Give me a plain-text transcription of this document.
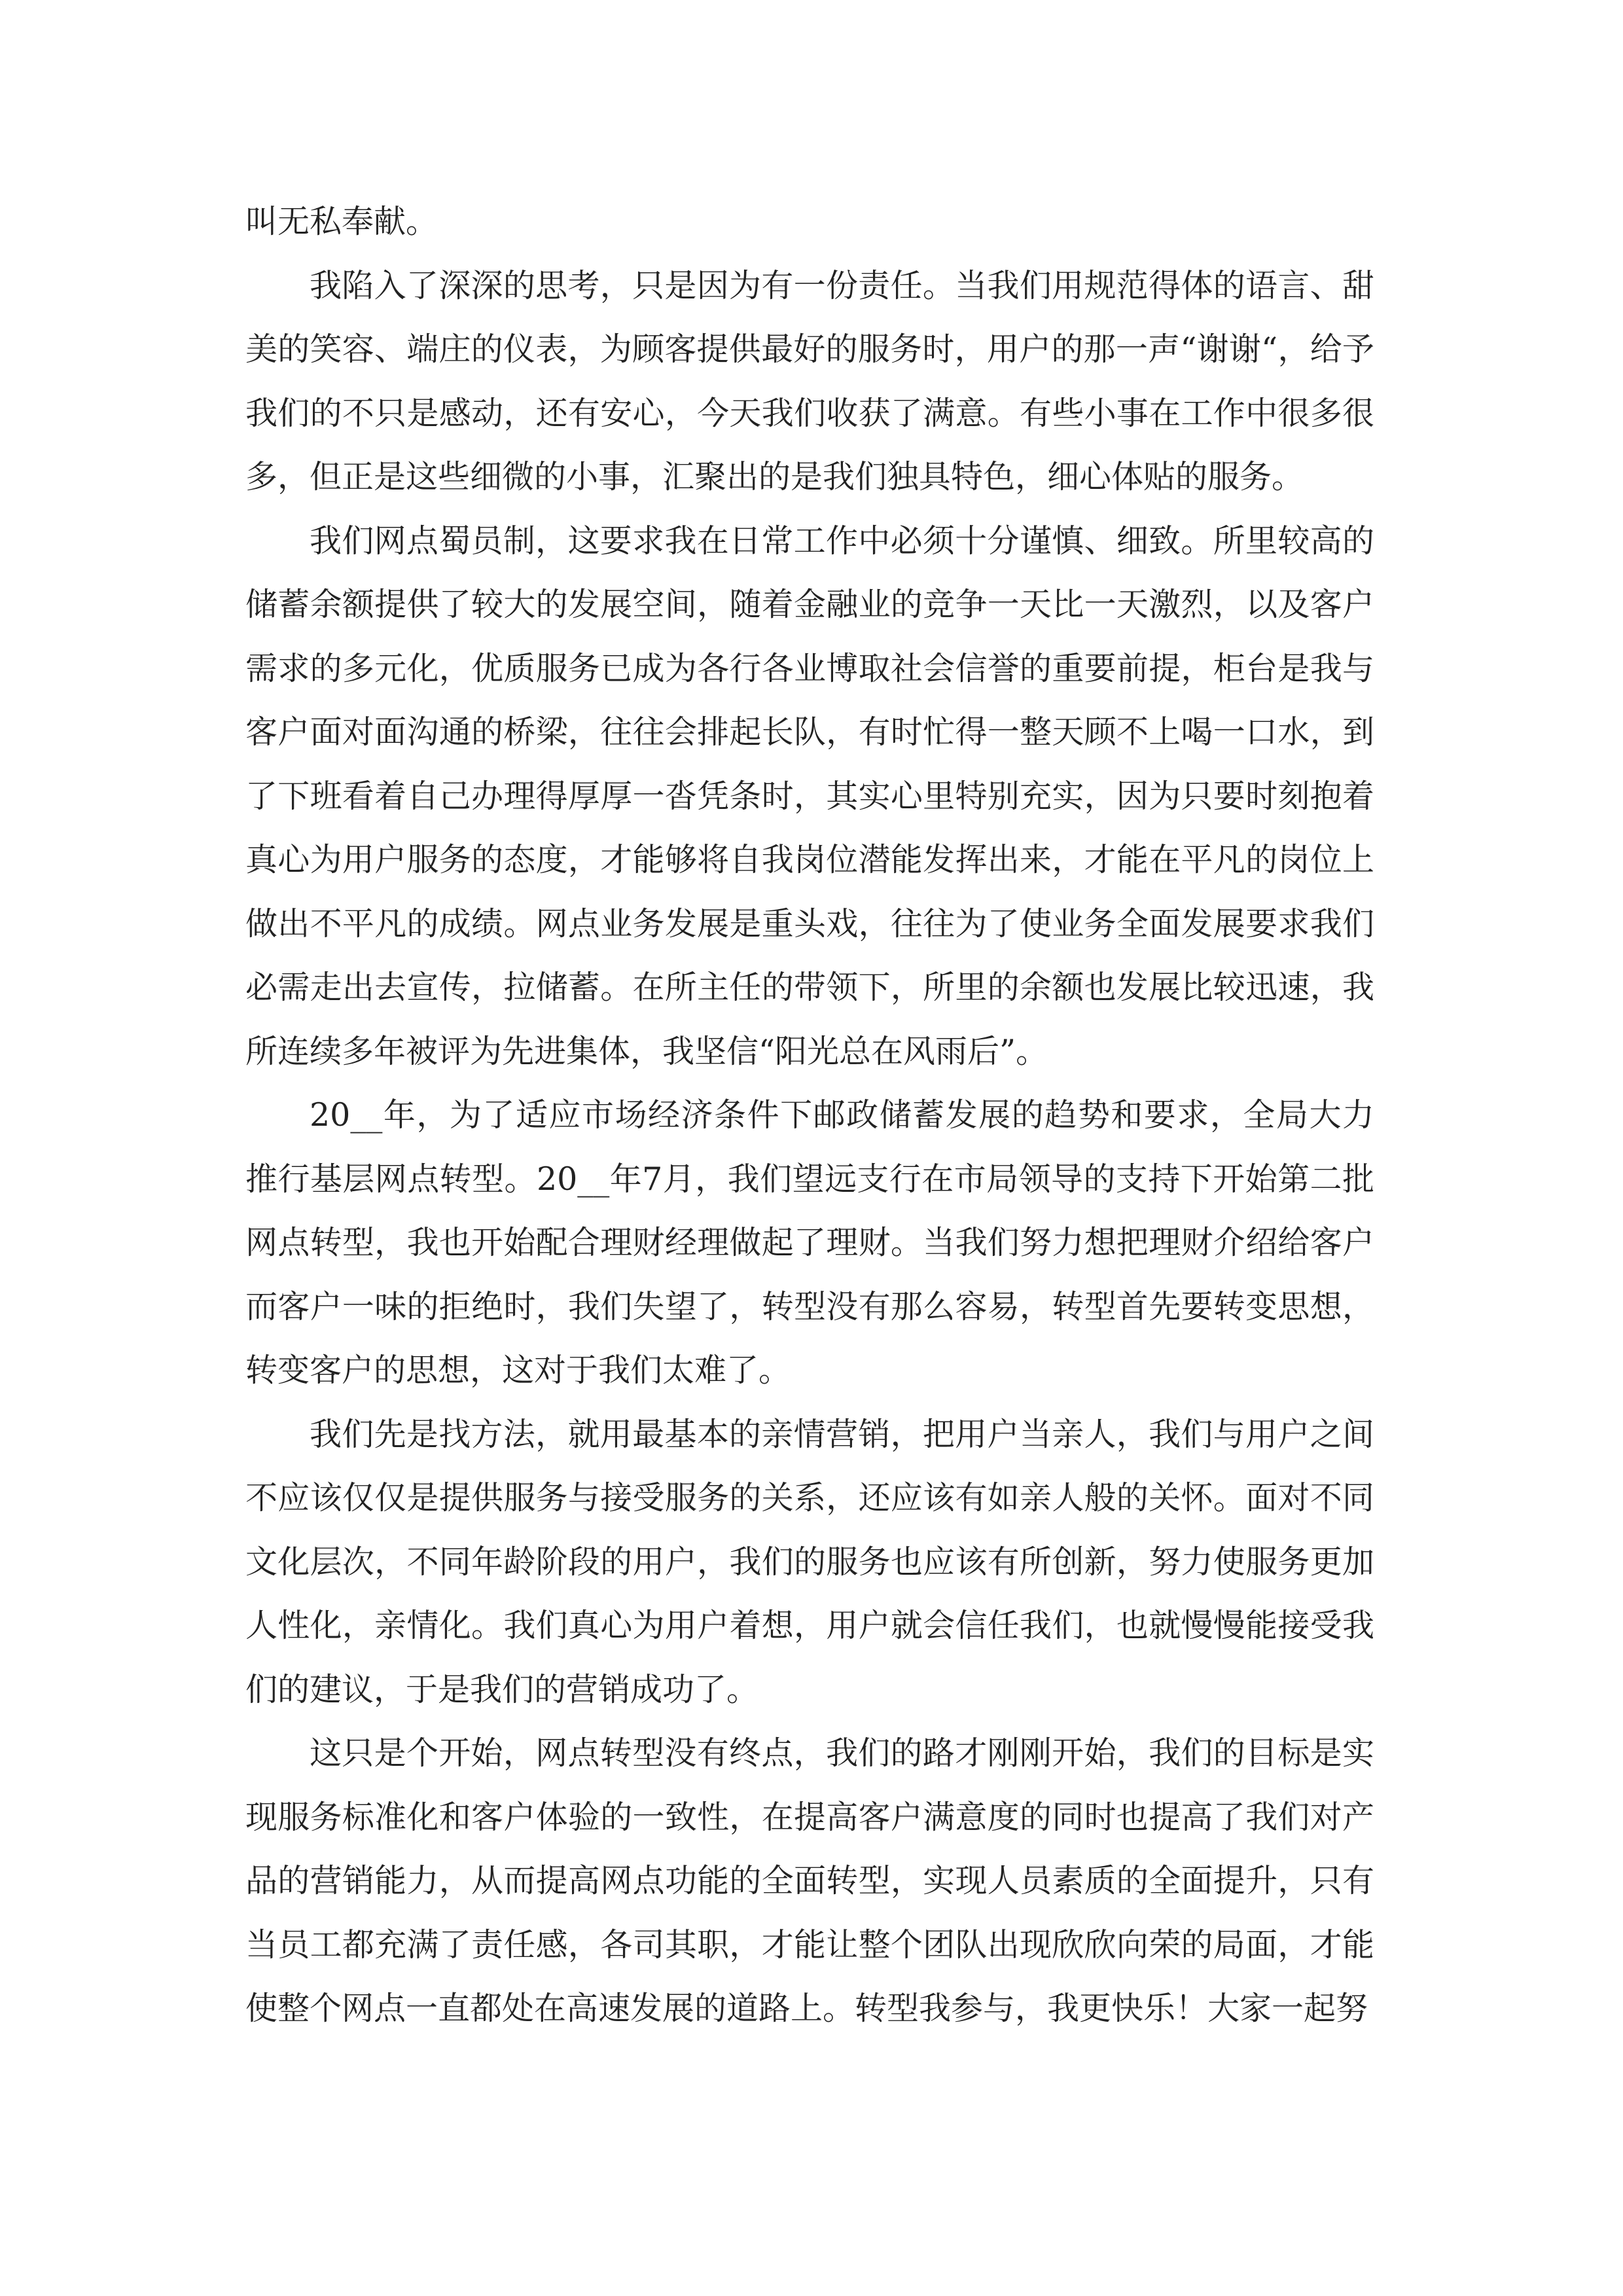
叫无私奉献。

我陷入了深深的思考，只是因为有一份责任。当我们用规范得体的语言、甜美的笑容、端庄的仪表，为顾客提供最好的服务时，用户的那一声“谢谢“，给予我们的不只是感动，还有安心，今天我们收获了满意。有些小事在工作中很多很多，但正是这些细微的小事，汇聚出的是我们独具特色，细心体贴的服务。

我们网点蜀员制，这要求我在日常工作中必须十分谨慎、细致。所里较高的储蓄余额提供了较大的发展空间，随着金融业的竞争一天比一天激烈，以及客户需求的多元化，优质服务已成为各行各业博取社会信誉的重要前提，柜台是我与客户面对面沟通的桥梁，往往会排起长队，有时忙得一整天顾不上喝一口水，到了下班看着自己办理得厚厚一沓凭条时，其实心里特别充实，因为只要时刻抱着真心为用户服务的态度，才能够将自我岗位潜能发挥出来，才能在平凡的岗位上做出不平凡的成绩。网点业务发展是重头戏，往往为了使业务全面发展要求我们必需走出去宣传，拉储蓄。在所主任的带领下，所里的余额也发展比较迅速，我所连续多年被评为先进集体，我坚信“阳光总在风雨后”。

20__年，为了适应市场经济条件下邮政储蓄发展的趋势和要求，全局大力推行基层网点转型。20__年7月，我们望远支行在市局领导的支持下开始第二批网点转型，我也开始配合理财经理做起了理财。当我们努力想把理财介绍给客户而客户一味的拒绝时，我们失望了，转型没有那么容易，转型首先要转变思想，转变客户的思想，这对于我们太难了。

我们先是找方法，就用最基本的亲情营销，把用户当亲人，我们与用户之间不应该仅仅是提供服务与接受服务的关系，还应该有如亲人般的关怀。面对不同文化层次，不同年龄阶段的用户，我们的服务也应该有所创新，努力使服务更加人性化，亲情化。我们真心为用户着想，用户就会信任我们，也就慢慢能接受我们的建议，于是我们的营销成功了。

这只是个开始，网点转型没有终点，我们的路才刚刚开始，我们的目标是实现服务标准化和客户体验的一致性，在提高客户满意度的同时也提高了我们对产品的营销能力，从而提高网点功能的全面转型，实现人员素质的全面提升，只有当员工都充满了责任感，各司其职，才能让整个团队出现欣欣向荣的局面，才能使整个网点一直都处在高速发展的道路上。转型我参与，我更快乐！大家一起努
